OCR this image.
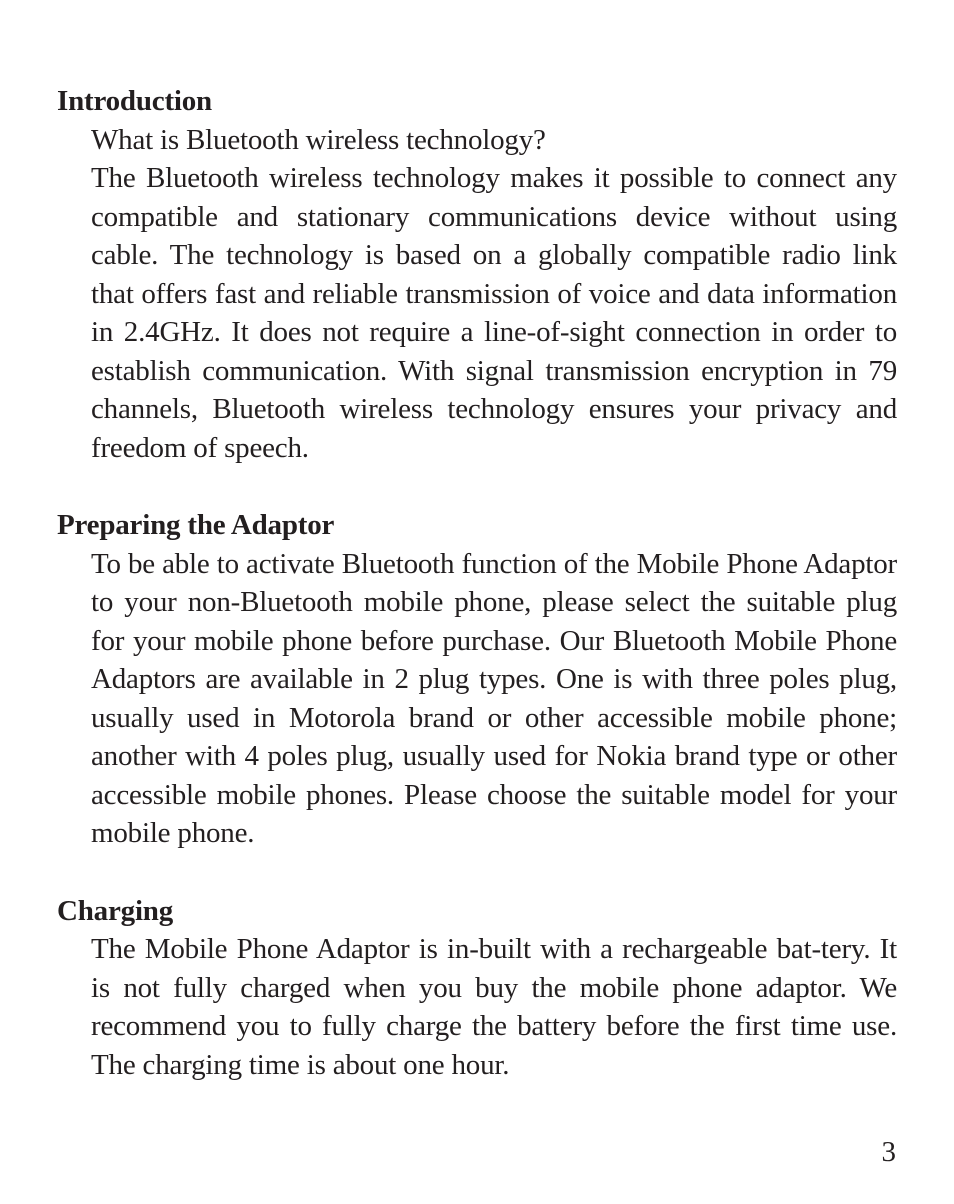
Introduction

What is Bluetooth wireless technology?

The Bluetooth wireless technology makes it possible to connect any compatible and stationary communications device without using cable. The technology is based on a globally compatible radio link that offers fast and reliable transmission of voice and data information in 2.4GHz. It does not require a line-of-sight connection in order to establish communication. With signal transmission encryption in 79 channels, Bluetooth wireless technology ensures your privacy and freedom of speech.

Preparing the Adaptor

To be able to activate Bluetooth function of the Mobile Phone Adaptor to your non-Bluetooth mobile phone, please select the suitable plug for your mobile phone before purchase. Our Bluetooth Mobile Phone Adaptors are available in 2 plug types. One is with three poles plug, usually used in Motorola brand or other accessible mobile phone; another with 4 poles plug, usually used for Nokia brand type or other accessible mobile phones. Please choose the suitable model for your mobile phone.

Charging

The Mobile Phone Adaptor is in-built with a rechargeable bat-tery. It is not fully charged when you buy the mobile phone adaptor. We recommend you to fully charge the battery before the first time use. The charging time is about one hour.

3
